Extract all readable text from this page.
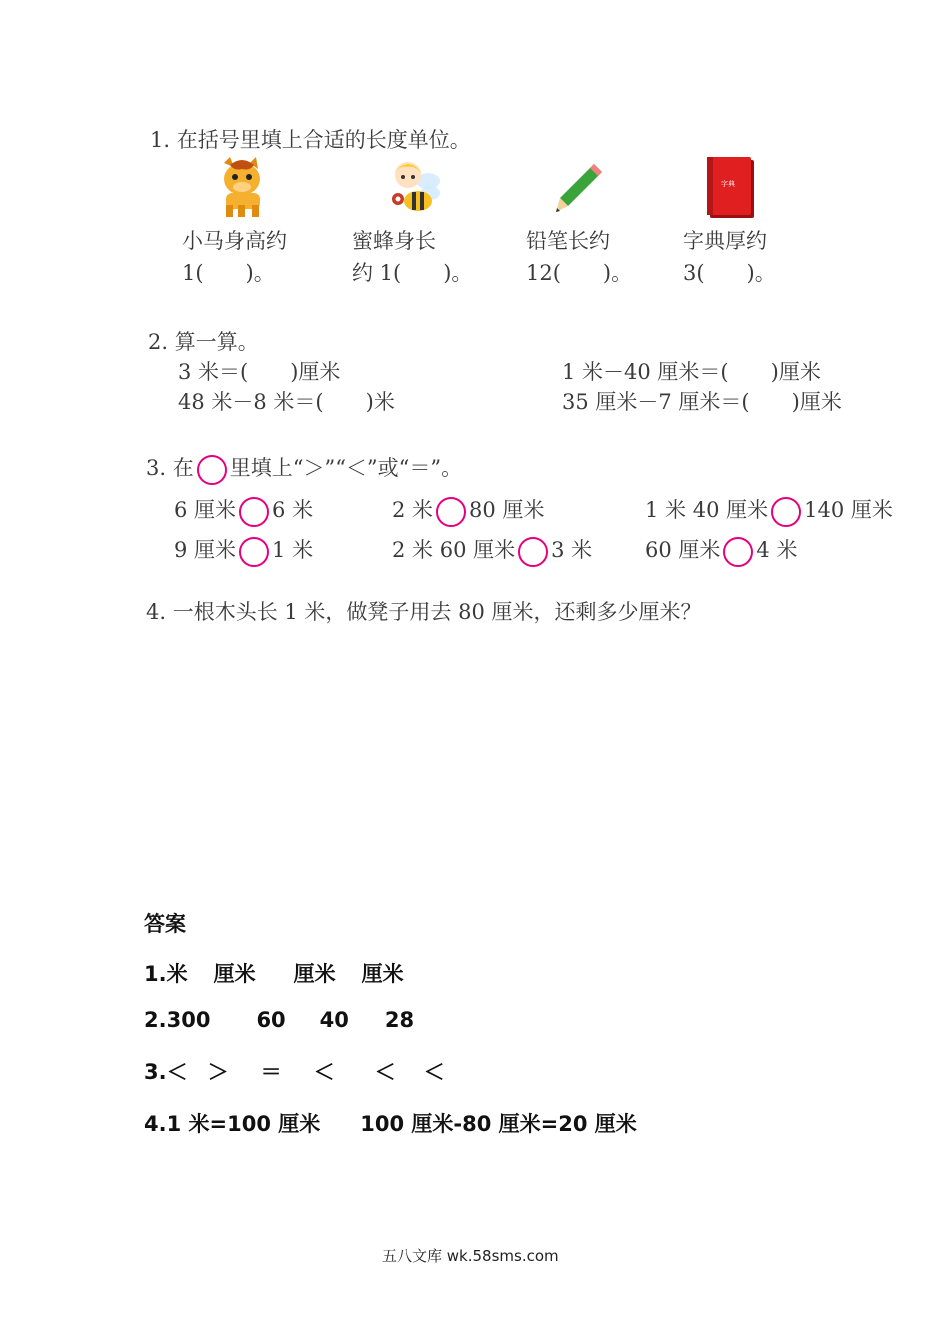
1. 在括号里填上合适的长度单位。
字典
小马身高约
1(　　)。
蜜蜂身长
约 1(　　)。
铅笔长约
12(　　)。
字典厚约
3(　　)。
2. 算一算。
3 米＝(　　)厘米	1 米－40 厘米＝(　　)厘米
48 米－8 米＝(　　)米	35 厘米－7 厘米＝(　　)厘米
3. 在 里填上“＞”“＜”或“＝”。
6 厘米 6 米	2 米 80 厘米	1 米 40 厘米 140 厘米
9 厘米 1 米	2 米 60 厘米 3 米	60 厘米 4 米
4. 一根木头长 1 米，做凳子用去 80 厘米，还剩多少厘米？
答案
1.米 厘米 厘米 厘米
2.300 60 40 28
3.＜ ＞ ＝ ＜ ＜ ＜
4.1 米=100 厘米 100 厘米-80 厘米=20 厘米
五八文库 wk.58sms.com
